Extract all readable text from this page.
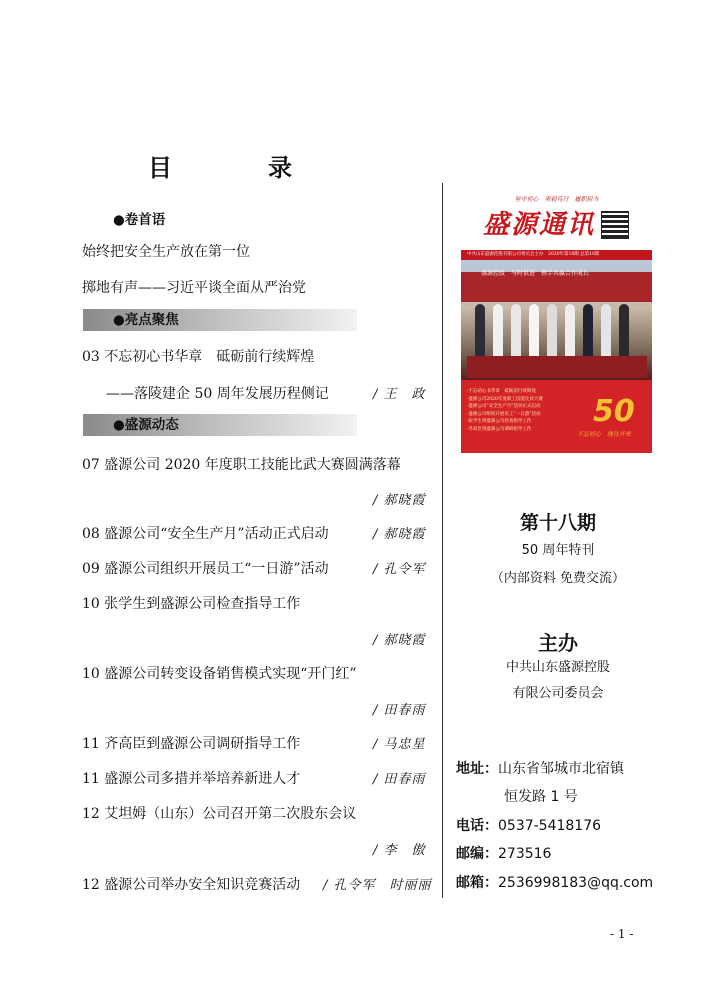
目　录
●卷首语
始终把安全生产放在第一位
掷地有声——习近平谈全面从严治党
●亮点聚焦
03 不忘初心书华章　砥砺前行续辉煌
——落陵建企 50 周年发展历程侧记	/ 王　政
●盛源动态
07 盛源公司 2020 年度职工技能比武大赛圆满落幕
/ 郝晓霞
08 盛源公司“安全生产月”活动正式启动	/ 郝晓霞
09 盛源公司组织开展员工“一日游”活动	/ 孔令军
10 张学生到盛源公司检查指导工作
/ 郝晓霞
10 盛源公司转变设备销售模式实现“开门红”
/ 田春雨
11 齐高臣到盛源公司调研指导工作	/ 马忠星
11 盛源公司多措并举培养新进人才	/ 田春雨
12 艾坦姆（山东）公司召开第二次股东会议
/ 李　傲
12 盛源公司举办安全知识竞赛活动 / 孔令军　时丽丽
坚守初心　勇毅笃行　履职担当
盛源通讯
中共山东盛源控股有限公司委员会主办　2020年第18期 总第18期
盛源控股　与时俱进　携手共赢合作成长
·不忘初心书华章　砥砺前行续辉煌
·盛源公司2020年度职工技能比武大赛
·盛源公司“安全生产月”活动正式启动
·盛源公司组织开展员工“一日游”活动
·张学生到盛源公司检查指导工作
·齐高臣到盛源公司调研指导工作	50
不忘初心　继往开来
第十八期
50 周年特刊
（内部资料 免费交流）
主办
中共山东盛源控股
有限公司委员会
地址：山东省邹城市北宿镇
恒发路 1 号
电话：0537-5418176
邮编：273516
邮箱：2536998183@qq.com
- 1 -
